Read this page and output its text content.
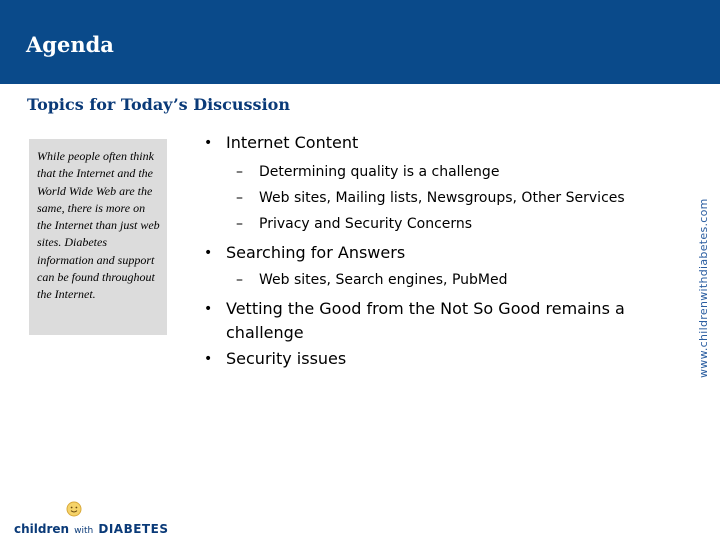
Agenda
Topics for Today’s Discussion
While people often think that the Internet and the World Wide Web are the same, there is more on the Internet than just web sites. Diabetes information and support can be found throughout the Internet.
• Internet Content
– Determining quality is a challenge
– Web sites, Mailing lists, Newsgroups, Other Services
– Privacy and Security Concerns
• Searching for Answers
– Web sites, Search engines, PubMed
• Vetting the Good from the Not So Good remains a challenge
• Security issues	www.childrenwithdiabetes.com
children with DIABETES
